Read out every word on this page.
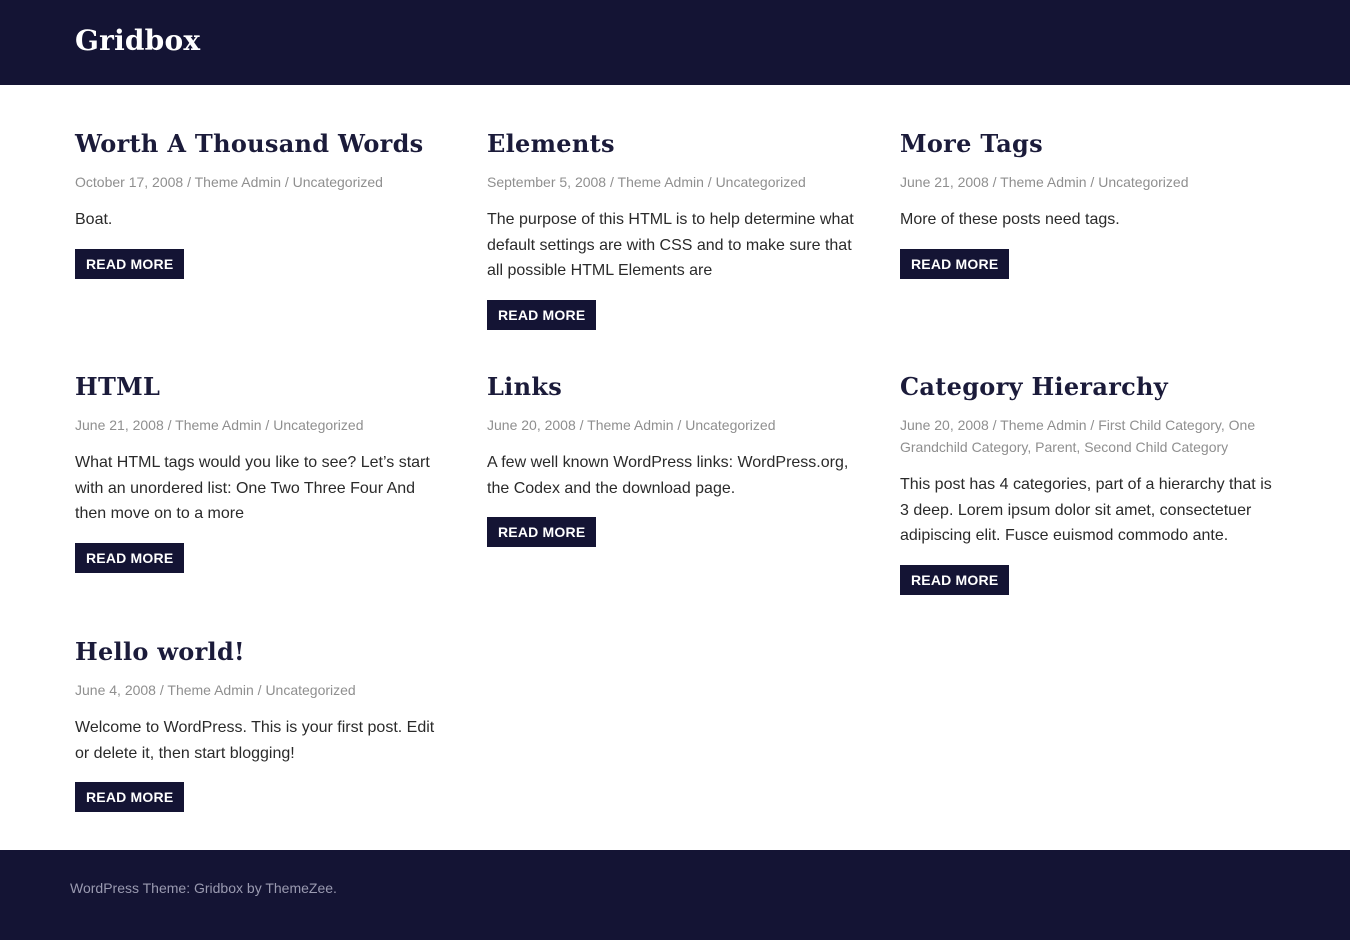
Gridbox
Worth A Thousand Words
October 17, 2008 / Theme Admin / Uncategorized

Boat.

READ MORE
Elements
September 5, 2008 / Theme Admin / Uncategorized

The purpose of this HTML is to help determine what default settings are with CSS and to make sure that all possible HTML Elements are

READ MORE
More Tags
June 21, 2008 / Theme Admin / Uncategorized

More of these posts need tags.

READ MORE
HTML
June 21, 2008 / Theme Admin / Uncategorized

What HTML tags would you like to see? Let’s start with an unordered list: One Two Three Four And then move on to a more

READ MORE
Links
June 20, 2008 / Theme Admin / Uncategorized

A few well known WordPress links: WordPress.org, the Codex and the download page.

READ MORE
Category Hierarchy
June 20, 2008 / Theme Admin / First Child Category, One Grandchild Category, Parent, Second Child Category

This post has 4 categories, part of a hierarchy that is 3 deep. Lorem ipsum dolor sit amet, consectetuer adipiscing elit. Fusce euismod commodo ante.

READ MORE
Hello world!
June 4, 2008 / Theme Admin / Uncategorized

Welcome to WordPress. This is your first post. Edit or delete it, then start blogging!

READ MORE
WordPress Theme: Gridbox by ThemeZee.
